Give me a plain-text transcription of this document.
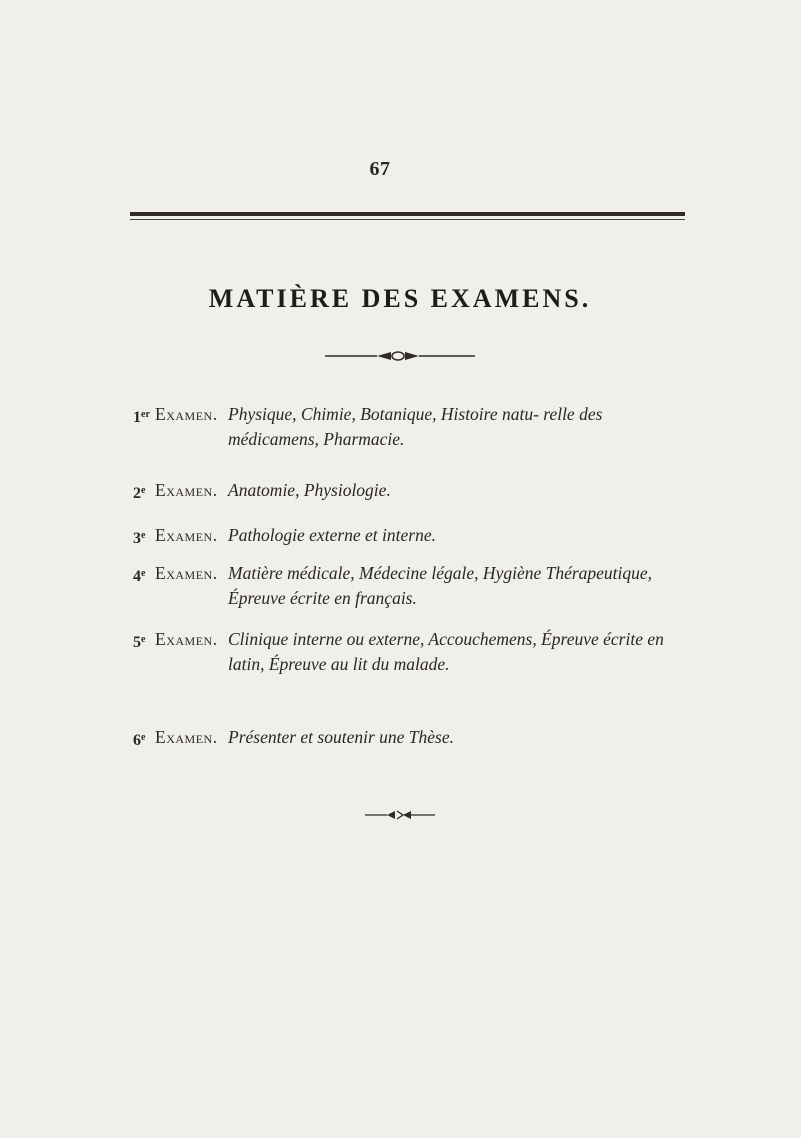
67
MATIÈRE DES EXAMENS.
1er Examen. Physique, Chimie, Botanique, Histoire natu- relle des médicamens, Pharmacie.
2e Examen. Anatomie, Physiologie.
3e Examen. Pathologie externe et interne.
4e Examen. Matière médicale, Médecine légale, Hygiène Thérapeutique, Épreuve écrite en français.
5e Examen. Clinique interne ou externe, Accouchemens, Épreuve écrite en latin, Épreuve au lit du malade.
6e Examen. Présenter et soutenir une Thèse.
